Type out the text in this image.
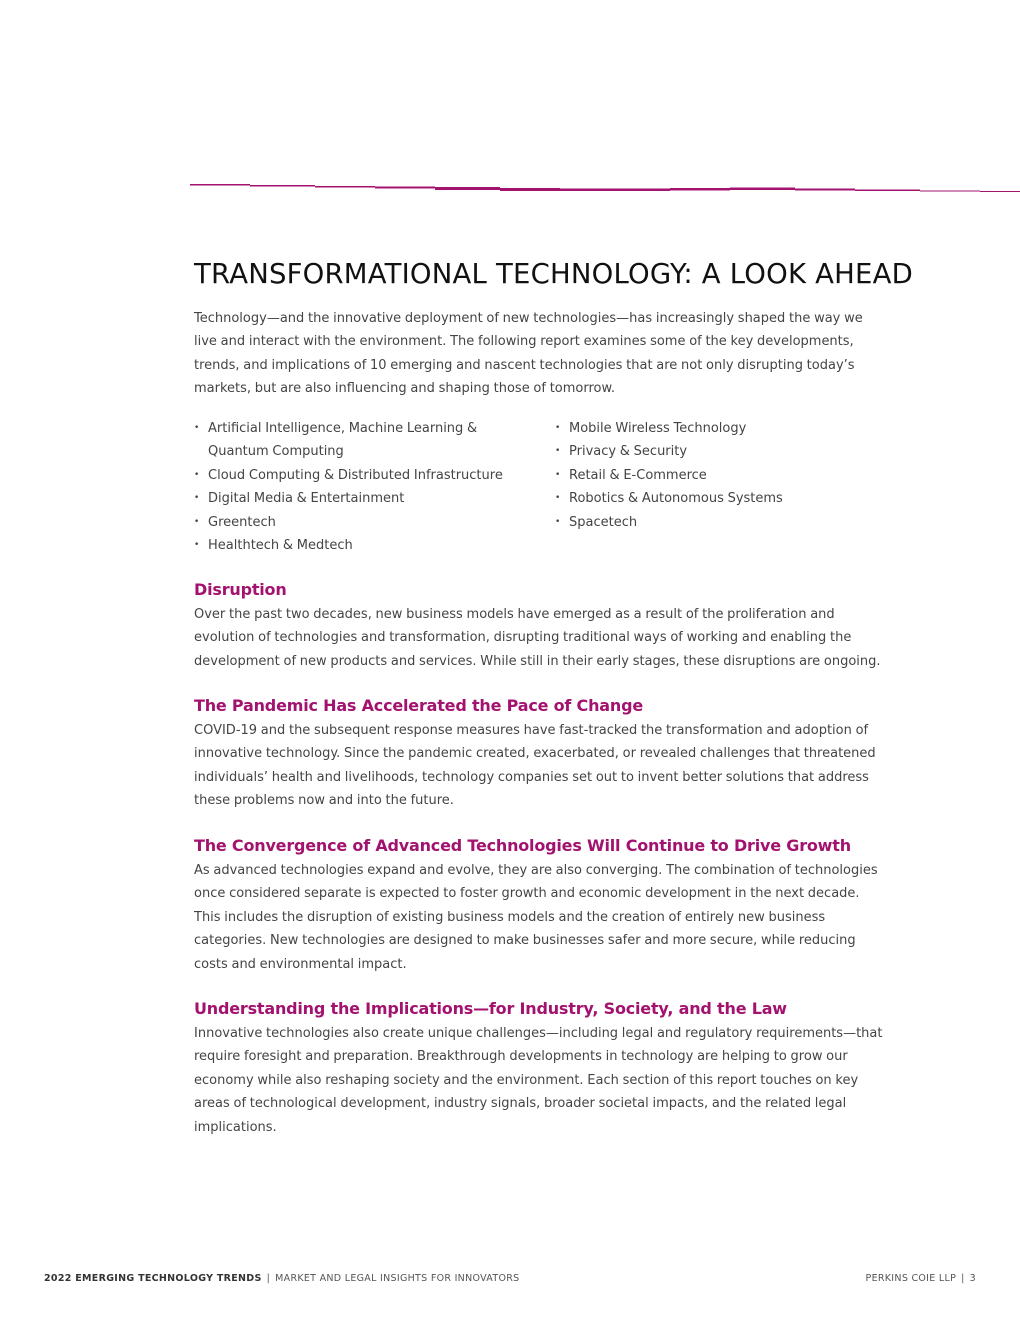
TRANSFORMATIONAL TECHNOLOGY: A LOOK AHEAD

Technology—and the innovative deployment of new technologies—has increasingly shaped the way we live and interact with the environment. The following report examines some of the key developments, trends, and implications of 10 emerging and nascent technologies that are not only disrupting today’s markets, but are also influencing and shaping those of tomorrow.

• Artificial Intelligence, Machine Learning & Quantum Computing
• Cloud Computing & Distributed Infrastructure
• Digital Media & Entertainment
• Greentech
• Healthtech & Medtech
• Mobile Wireless Technology
• Privacy & Security
• Retail & E-Commerce
• Robotics & Autonomous Systems
• Spacetech
Disruption

Over the past two decades, new business models have emerged as a result of the proliferation and evolution of technologies and transformation, disrupting traditional ways of working and enabling the development of new products and services. While still in their early stages, these disruptions are ongoing.

The Pandemic Has Accelerated the Pace of Change

COVID-19 and the subsequent response measures have fast-tracked the transformation and adoption of innovative technology. Since the pandemic created, exacerbated, or revealed challenges that threatened individuals’ health and livelihoods, technology companies set out to invent better solutions that address these problems now and into the future.

The Convergence of Advanced Technologies Will Continue to Drive Growth

As advanced technologies expand and evolve, they are also converging. The combination of technologies once considered separate is expected to foster growth and economic development in the next decade. This includes the disruption of existing business models and the creation of entirely new business categories. New technologies are designed to make businesses safer and more secure, while reducing costs and environmental impact.

Understanding the Implications—for Industry, Society, and the Law

Innovative technologies also create unique challenges—including legal and regulatory requirements—that require foresight and preparation. Breakthrough developments in technology are helping to grow our economy while also reshaping society and the environment. Each section of this report touches on key areas of technological development, industry signals, broader societal impacts, and the related legal implications.

2022 EMERGING TECHNOLOGY TRENDS | MARKET AND LEGAL INSIGHTS FOR INNOVATORS	PERKINS COIE LLP | 3
